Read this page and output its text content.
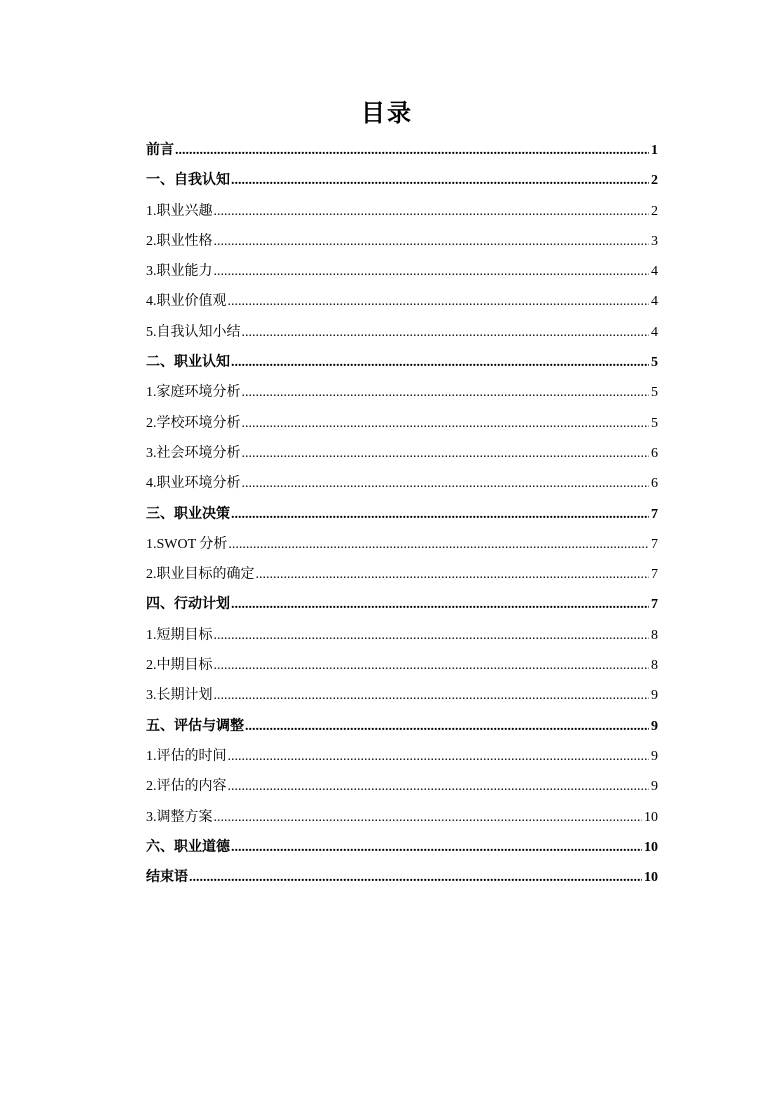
目录
前言 .....	1
一、自我认知 .....	2
1.职业兴趣 .....	2
2.职业性格 .....	3
3.职业能力 .....	4
4.职业价值观 .....	4
5.自我认知小结 .....	4
二、职业认知 .....	5
1.家庭环境分析 .....	5
2.学校环境分析 .....	5
3.社会环境分析 .....	6
4.职业环境分析 .....	6
三、职业决策 .....	7
1.SWOT 分析 .....	7
2.职业目标的确定 .....	7
四、行动计划 .....	7
1.短期目标 .....	8
2.中期目标 .....	8
3.长期计划 .....	9
五、评估与调整 .....	9
1.评估的时间 .....	9
2.评估的内容 .....	9
3.调整方案 .....	10
六、职业道德 .....	10
结束语 .....	10
